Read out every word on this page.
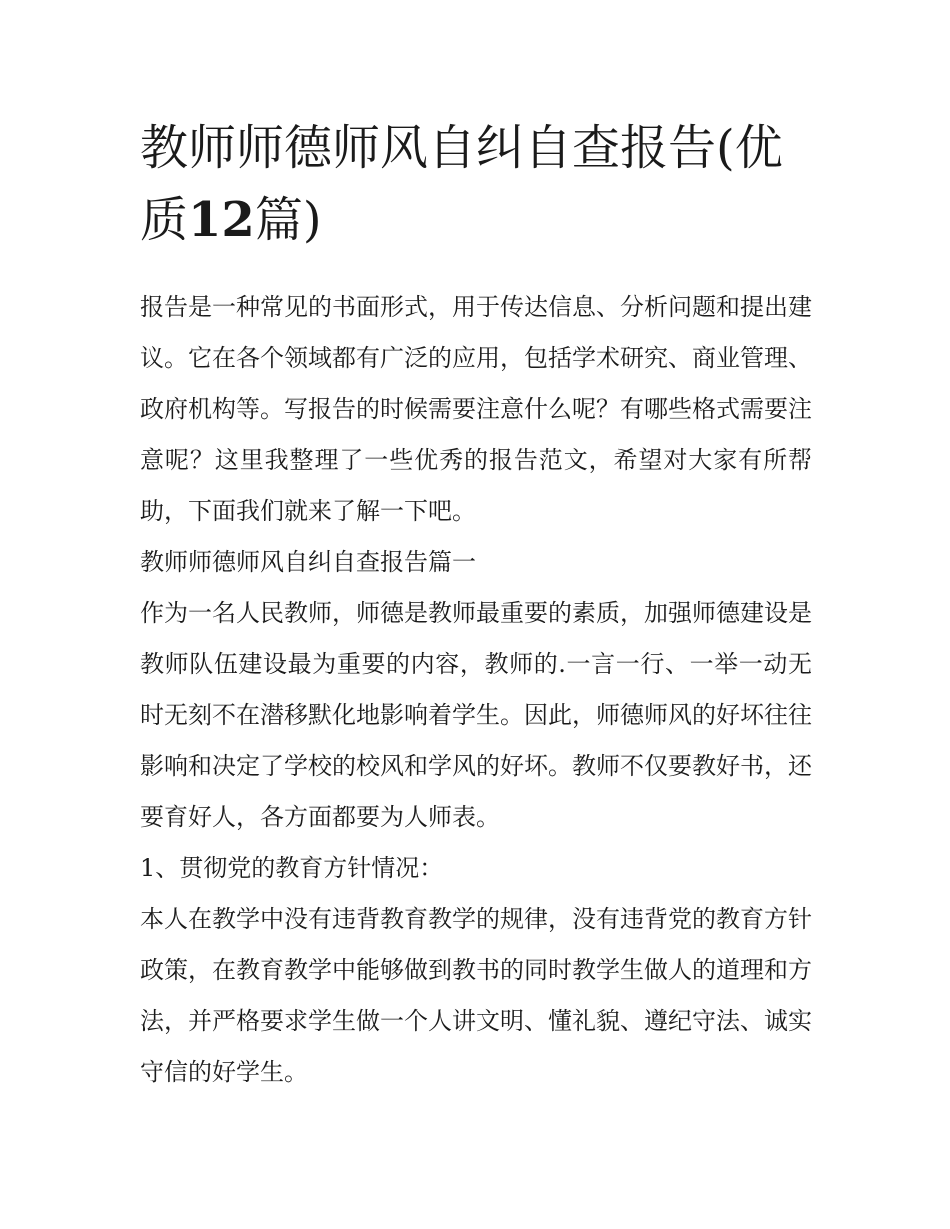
教师师德师风自纠自查报告(优质12篇)

报告是一种常见的书面形式，用于传达信息、分析问题和提出建议。它在各个领域都有广泛的应用，包括学术研究、商业管理、政府机构等。写报告的时候需要注意什么呢？有哪些格式需要注意呢？这里我整理了一些优秀的报告范文，希望对大家有所帮助，下面我们就来了解一下吧。

教师师德师风自纠自查报告篇一

作为一名人民教师，师德是教师最重要的素质，加强师德建设是教师队伍建设最为重要的内容，教师的.一言一行、一举一动无时无刻不在潜移默化地影响着学生。因此，师德师风的好坏往往影响和决定了学校的校风和学风的好坏。教师不仅要教好书，还要育好人，各方面都要为人师表。

1、贯彻党的教育方针情况：

本人在教学中没有违背教育教学的规律，没有违背党的教育方针政策，在教育教学中能够做到教书的同时教学生做人的道理和方法，并严格要求学生做一个人讲文明、懂礼貌、遵纪守法、诚实守信的好学生。
